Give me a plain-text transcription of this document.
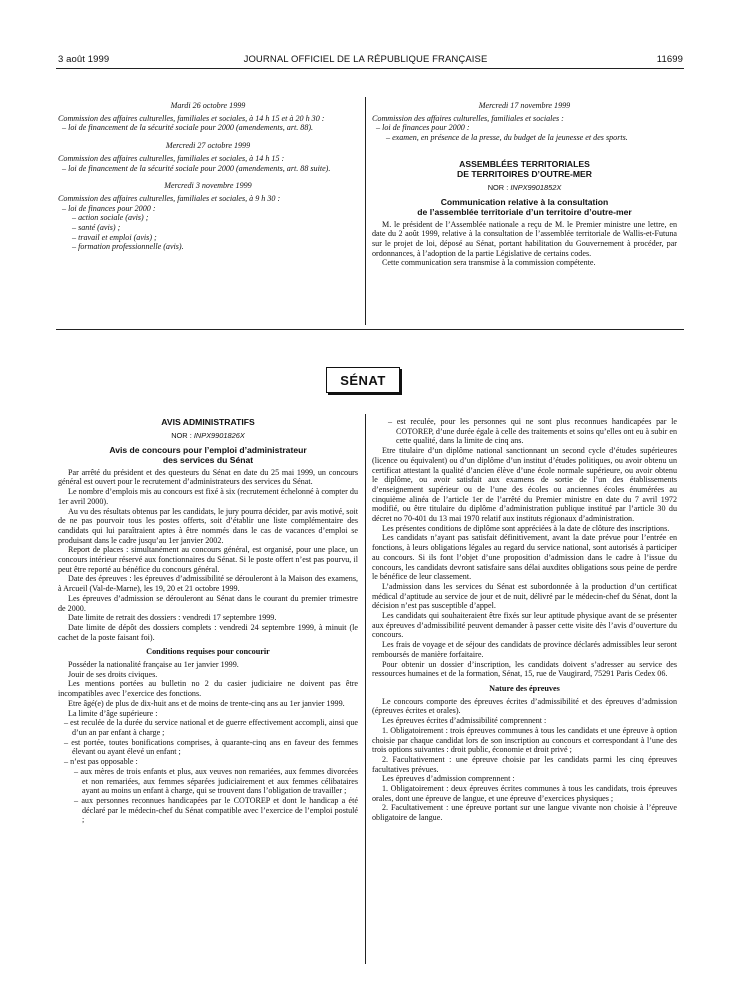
3 août 1999	JOURNAL OFFICIEL DE LA RÉPUBLIQUE FRANÇAISE	11699
Mardi 26 octobre 1999
Commission des affaires culturelles, familiales et sociales, à 14 h 15 et à 20 h 30 :
– loi de financement de la sécurité sociale pour 2000 (amendements, art. 88).
Mercredi 27 octobre 1999
Commission des affaires culturelles, familiales et sociales, à 14 h 15 :
– loi de financement de la sécurité sociale pour 2000 (amendements, art. 88 suite).
Mercredi 3 novembre 1999
Commission des affaires culturelles, familiales et sociales, à 9 h 30 :
– loi de finances pour 2000 :
– action sociale (avis) ;
– santé (avis) ;
– travail et emploi (avis) ;
– formation professionnelle (avis).
Mercredi 17 novembre 1999
Commission des affaires culturelles, familiales et sociales :
– loi de finances pour 2000 :
– examen, en présence de la presse, du budget de la jeunesse et des sports.
ASSEMBLÉES TERRITORIALES
DE TERRITOIRES D’OUTRE-MER
NOR : INPX9901852X
Communication relative à la consultation
de l’assemblée territoriale d’un territoire d’outre-mer

M. le président de l’Assemblée nationale a reçu de M. le Premier ministre une lettre, en date du 2 août 1999, relative à la consultation de l’assemblée territoriale de Wallis-et-Futuna sur le projet de loi, déposé au Sénat, portant habilitation du Gouvernement à procéder, par ordonnances, à l’adoption de la partie Législative de certains codes.

Cette communication sera transmise à la commission compétente.

SÉNAT
AVIS ADMINISTRATIFS
NOR : INPX9901826X
Avis de concours pour l’emploi d’administrateur
des services du Sénat

Par arrêté du président et des questeurs du Sénat en date du 25 mai 1999, un concours général est ouvert pour le recrutement d’administrateurs des services du Sénat.

Le nombre d’emplois mis au concours est fixé à six (recrutement échelonné à compter du 1er avril 2000).

Au vu des résultats obtenus par les candidats, le jury pourra décider, par avis motivé, soit de ne pas pourvoir tous les postes offerts, soit d’établir une liste complémentaire des candidats qui lui paraîtraient aptes à être nommés dans le cas de vacances d’emploi se produisant dans le cadre jusqu’au 1er janvier 2002.

Report de places : simultanément au concours général, est organisé, pour une place, un concours intérieur réservé aux fonctionnaires du Sénat. Si le poste offert n’est pas pourvu, il peut être reporté au bénéfice du concours général.

Date des épreuves : les épreuves d’admissibilité se dérouleront à la Maison des examens, à Arcueil (Val-de-Marne), les 19, 20 et 21 octobre 1999.

Les épreuves d’admission se dérouleront au Sénat dans le courant du premier trimestre de 2000.

Date limite de retrait des dossiers : vendredi 17 septembre 1999.

Date limite de dépôt des dossiers complets : vendredi 24 septembre 1999, à minuit (le cachet de la poste faisant foi).

Conditions requises pour concourir

Posséder la nationalité française au 1er janvier 1999.

Jouir de ses droits civiques.

Les mentions portées au bulletin no 2 du casier judiciaire ne doivent pas être incompatibles avec l’exercice des fonctions.

Etre âgé(e) de plus de dix-huit ans et de moins de trente-cinq ans au 1er janvier 1999.

La limite d’âge supérieure :

– est reculée de la durée du service national et de guerre effectivement accompli, ainsi que d’un an par enfant à charge ;
– est portée, toutes bonifications comprises, à quarante-cinq ans en faveur des femmes élevant ou ayant élevé un enfant ;
– n’est pas opposable :
– aux mères de trois enfants et plus, aux veuves non remariées, aux femmes divorcées et non remariées, aux femmes séparées judiciairement et aux femmes célibataires ayant au moins un enfant à charge, qui se trouvent dans l’obligation de travailler ;
– aux personnes reconnues handicapées par le COTOREP et dont le handicap a été déclaré par le médecin-chef du Sénat compatible avec l’exercice de l’emploi postulé ;
– est reculée, pour les personnes qui ne sont plus reconnues handicapées par le COTOREP, d’une durée égale à celle des traitements et soins qu’elles ont eu à subir en cette qualité, dans la limite de cinq ans.

Etre titulaire d’un diplôme national sanctionnant un second cycle d’études supérieures (licence ou équivalent) ou d’un diplôme d’un institut d’études politiques, ou avoir obtenu un certificat attestant la qualité d’ancien élève d’une école normale supérieure, ou avoir obtenu le diplôme, ou avoir satisfait aux examens de sortie de l’un des établissements d’enseignement supérieur ou de l’une des écoles ou anciennes écoles énumérées au cinquième alinéa de l’article 1er de l’arrêté du Premier ministre en date du 7 avril 1972 modifié, ou être titulaire du diplôme d’administration publique institué par l’article 30 du décret no 70-401 du 13 mai 1970 relatif aux instituts régionaux d’administration.

Les présentes conditions de diplôme sont appréciées à la date de clôture des inscriptions.

Les candidats n’ayant pas satisfait définitivement, avant la date prévue pour l’entrée en fonctions, à leurs obligations légales au regard du service national, sont autorisés à participer au concours. Si ils font l’objet d’une proposition d’admission dans le cadre à l’issue du concours, les candidats devront satisfaire sans délai auxdites obligations sous peine de perdre le bénéfice de leur classement.

L’admission dans les services du Sénat est subordonnée à la production d’un certificat médical d’aptitude au service de jour et de nuit, délivré par le médecin-chef du Sénat, dont la décision n’est pas susceptible d’appel.

Les candidats qui souhaiteraient être fixés sur leur aptitude physique avant de se présenter aux épreuves d’admissibilité peuvent demander à passer cette visite dès l’avis d’ouverture du concours.

Les frais de voyage et de séjour des candidats de province déclarés admissibles leur seront remboursés de manière forfaitaire.

Pour obtenir un dossier d’inscription, les candidats doivent s’adresser au service des ressources humaines et de la formation, Sénat, 15, rue de Vaugirard, 75291 Paris Cedex 06.

Nature des épreuves

Le concours comporte des épreuves écrites d’admissibilité et des épreuves d’admission (épreuves écrites et orales).

Les épreuves écrites d’admissibilité comprennent :

1. Obligatoirement : trois épreuves communes à tous les candidats et une épreuve à option choisie par chaque candidat lors de son inscription au concours et correspondant à l’une des trois options suivantes : droit public, économie et droit privé ;

2. Facultativement : une épreuve choisie par les candidats parmi les cinq épreuves facultatives prévues.

Les épreuves d’admission comprennent :

1. Obligatoirement : deux épreuves écrites communes à tous les candidats, trois épreuves orales, dont une épreuve de langue, et une épreuve d’exercices physiques ;

2. Facultativement : une épreuve portant sur une langue vivante non choisie à l’épreuve obligatoire de langue.
